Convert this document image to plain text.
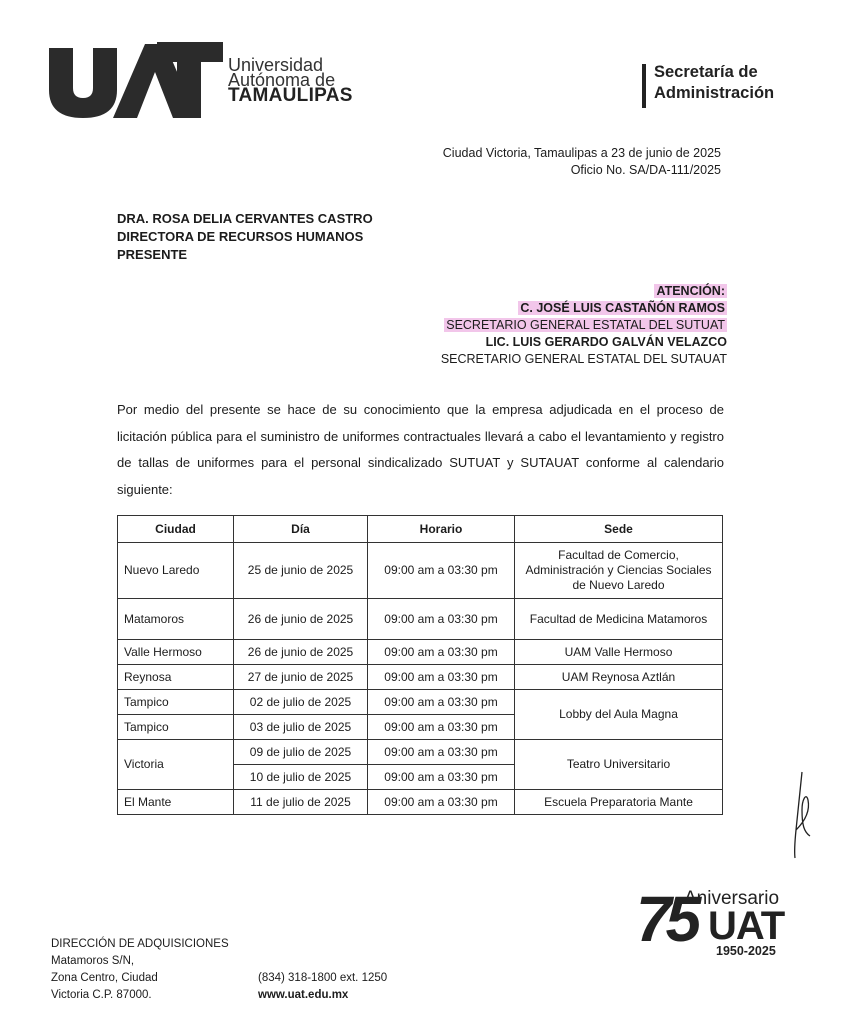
Universidad
Autónoma de
TAMAULIPAS
Secretaría de
Administración
Ciudad Victoria, Tamaulipas a 23 de junio de 2025
Oficio No. SA/DA-111/2025
DRA. ROSA DELIA CERVANTES CASTRO
DIRECTORA DE RECURSOS HUMANOS
PRESENTE
ATENCIÓN:
C. JOSÉ LUIS CASTAÑÓN RAMOS
SECRETARIO GENERAL ESTATAL DEL SUTUAT
LIC. LUIS GERARDO GALVÁN VELAZCO
SECRETARIO GENERAL ESTATAL DEL SUTAUAT
Por medio del presente se hace de su conocimiento que la empresa adjudicada en el proceso de licitación pública para el suministro de uniformes contractuales llevará a cabo el levantamiento y registro de tallas de uniformes para el personal sindicalizado SUTUAT y SUTAUAT conforme al calendario siguiente:
Ciudad	Día	Horario	Sede
Nuevo Laredo	25 de junio de 2025	09:00 am a 03:30 pm	Facultad de Comercio, Administración y Ciencias Sociales de Nuevo Laredo
Matamoros	26 de junio de 2025	09:00 am a 03:30 pm	Facultad de Medicina Matamoros
Valle Hermoso	26 de junio de 2025	09:00 am a 03:30 pm	UAM Valle Hermoso
Reynosa	27 de junio de 2025	09:00 am a 03:30 pm	UAM Reynosa Aztlán
Tampico	02 de julio de 2025	09:00 am a 03:30 pm	Lobby del Aula Magna
Tampico	03 de julio de 2025	09:00 am a 03:30 pm	
Victoria	09 de julio de 2025	09:00 am a 03:30 pm	Teatro Universitario
	10 de julio de 2025	09:00 am a 03:30 pm	
El Mante	11 de julio de 2025	09:00 am a 03:30 pm	Escuela Preparatoria Mante
DIRECCIÓN DE ADQUISICIONES
Matamoros S/N,
Zona Centro, Ciudad
Victoria C.P. 87000.
(834) 318-1800 ext. 1250
www.uat.edu.mx
75
Aniversario
UAT
1950-2025
